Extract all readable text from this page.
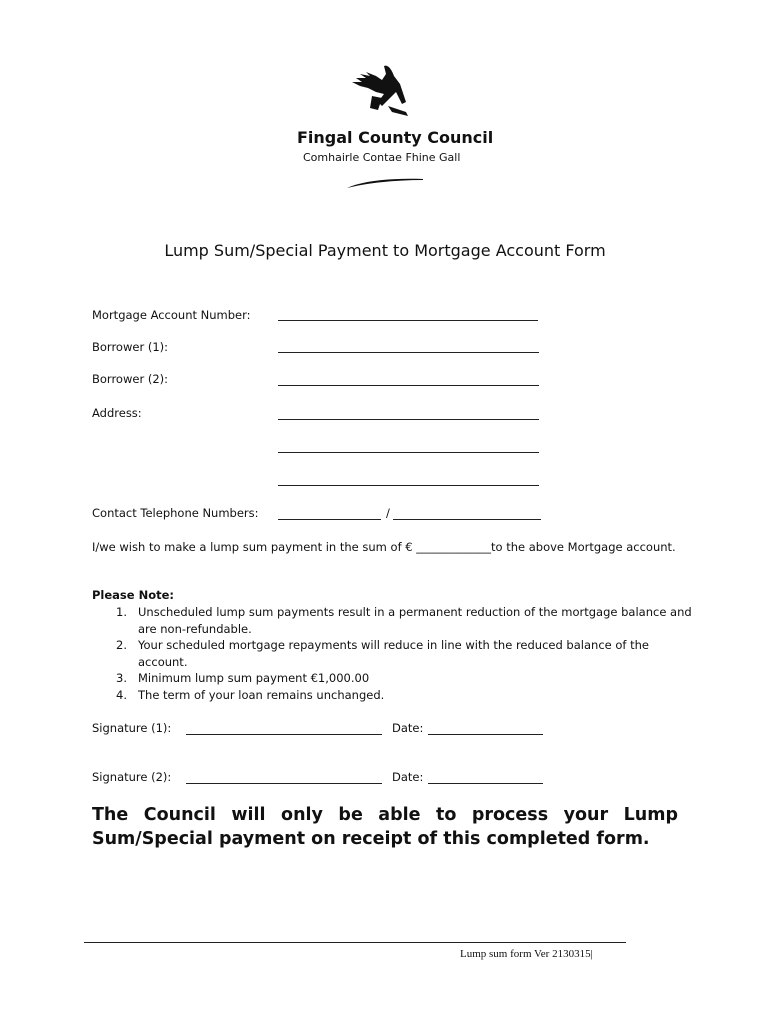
Fingal County Council
Comhairle Contae Fhine Gall
Lump Sum/Special Payment to Mortgage Account Form
Mortgage Account Number:
Borrower (1):
Borrower (2):
Address:
Contact Telephone Numbers:	/
I/we wish to make a lump sum payment in the sum of € _____________to the above Mortgage account.
Please Note:
1. Unscheduled lump sum payments result in a permanent reduction of the mortgage balance and are non-refundable.
2. Your scheduled mortgage repayments will reduce in line with the reduced balance of the account.
3. Minimum lump sum payment €1,000.00
4. The term of your loan remains unchanged.
Signature (1):	Date:
Signature (2):	Date:
The Council will only be able to process your Lump Sum/Special payment on receipt of this completed form.
Lump sum form Ver 2130315|
